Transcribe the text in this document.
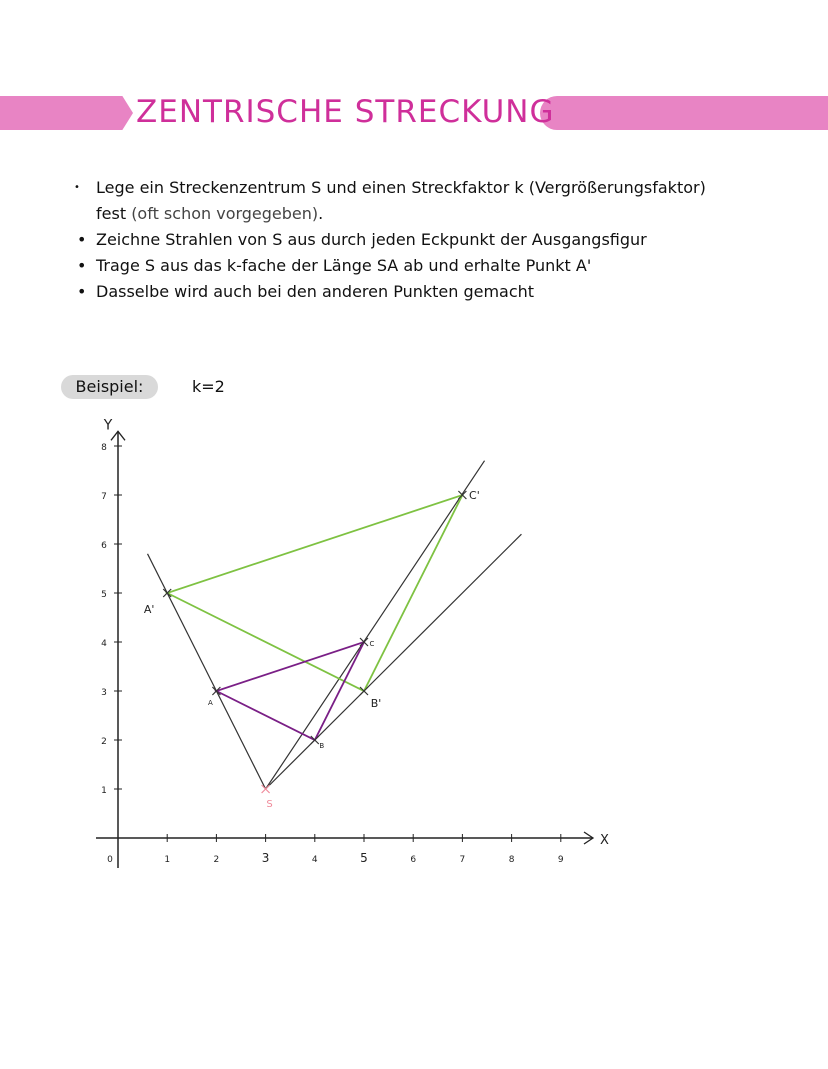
ZENTRISCHE STRECKUNG
• Lege ein Streckenzentrum S und einen Streckfaktor k (Vergrößerungsfaktor) fest (oft schon vorgegeben).
• Zeichne Strahlen von S aus durch jeden Eckpunkt der Ausgangsfigur
• Trage S aus das k-fache der Länge SA ab und erhalte Punkt A'
• Dasselbe wird auch bei den anderen Punkten gemacht
Beispiel:	k=2
Y
X
1
2
3
4
5
6
7
8
0	1	2	3	4	5	6	7	8	9
A'
B'
C'
A
B
C
S
